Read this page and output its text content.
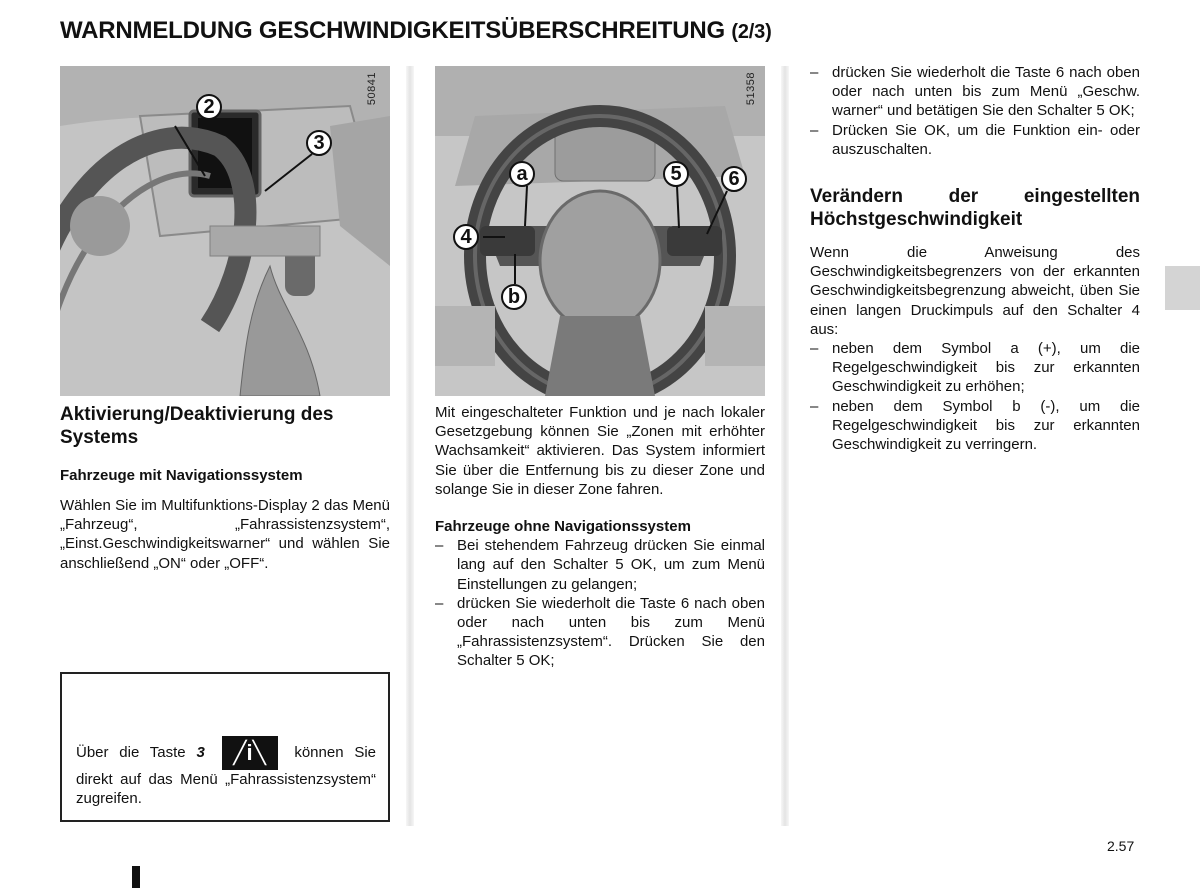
WARNMELDUNG GESCHWINDIGKEITSÜBERSCHREITUNG (2/3)
2
3
50841
a	5	6
4
b
51358
Aktivierung/Deaktivierung des Systems
Fahrzeuge mit Navigationssystem

Wählen Sie im Multifunktions-Display 2 das Menü „Fahrzeug“, „Fahrassistenzsystem“, „Einst.Geschwindigkeitswarner“ und wählen Sie anschließend „ON“ oder „OFF“.

Über die Taste 3 ╱i╲ können Sie direkt auf das Menü „Fahrassistenzsystem“ zugreifen.

Mit eingeschalteter Funktion und je nach lokaler Gesetzgebung können Sie „Zonen mit erhöhter Wachsamkeit“ aktivieren. Das System informiert Sie über die Entfernung bis zu dieser Zone und solange Sie in dieser Zone fahren.

Fahrzeuge ohne Navigationssystem
– Bei stehendem Fahrzeug drücken Sie einmal lang auf den Schalter 5 OK, um zum Menü Einstellungen zu gelangen;
– drücken Sie wiederholt die Taste 6 nach oben oder nach unten bis zum Menü „Fahrassistenzsystem“. Drücken Sie den Schalter 5 OK;
– drücken Sie wiederholt die Taste 6 nach oben oder nach unten bis zum Menü „Geschw. warner“ und betätigen Sie den Schalter 5 OK;
– Drücken Sie OK, um die Funktion ein- oder auszuschalten.
Verändern der eingestellten Höchstgeschwindigkeit

Wenn die Anweisung des Geschwindigkeitsbegrenzers von der erkannten Geschwindigkeitsbegrenzung abweicht, üben Sie einen langen Druckimpuls auf den Schalter 4 aus:

– neben dem Symbol a (+), um die Regelgeschwindigkeit bis zur erkannten Geschwindigkeit zu erhöhen;
– neben dem Symbol b (-), um die Regelgeschwindigkeit bis zur erkannten Geschwindigkeit zu verringern.
2.57
